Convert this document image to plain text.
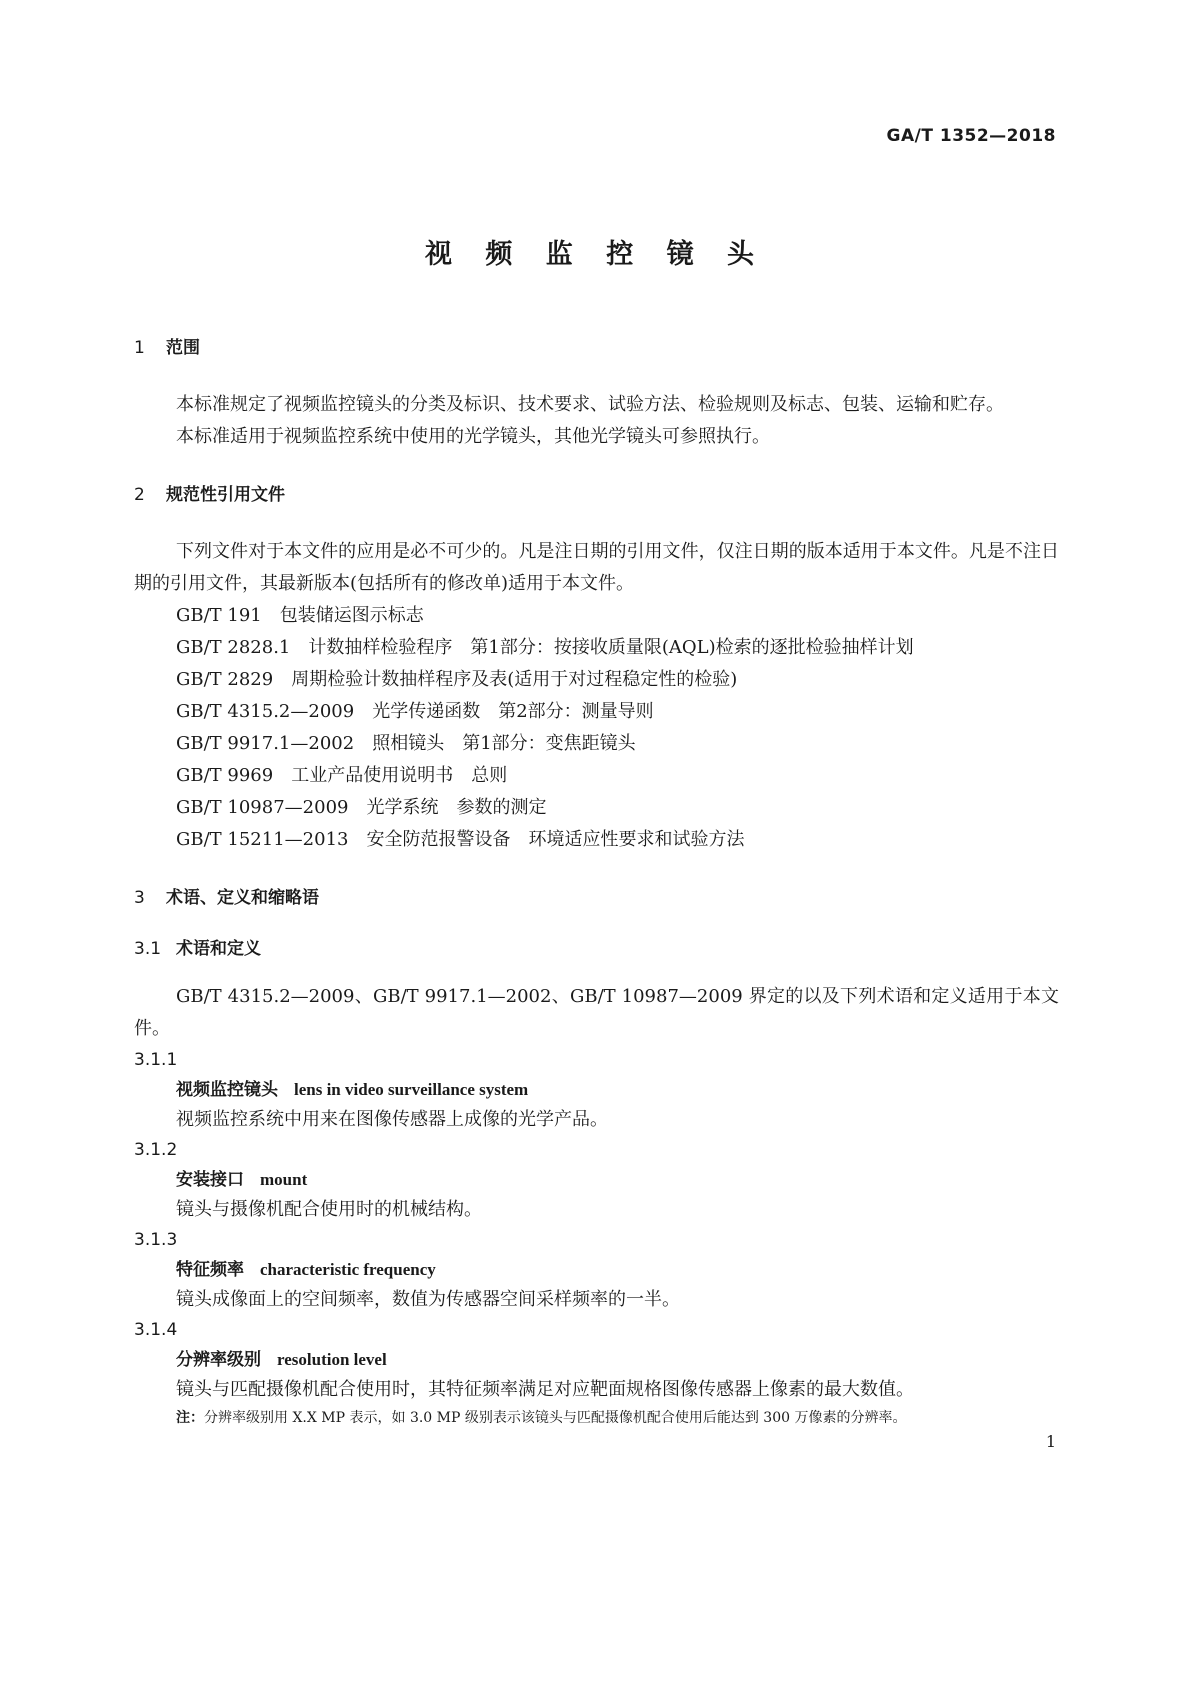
GA/T 1352—2018
视 频 监 控 镜 头
1 范围

本标准规定了视频监控镜头的分类及标识、技术要求、试验方法、检验规则及标志、包装、运输和贮存。

本标准适用于视频监控系统中使用的光学镜头，其他光学镜头可参照执行。

2 规范性引用文件

下列文件对于本文件的应用是必不可少的。凡是注日期的引用文件，仅注日期的版本适用于本文件。凡是不注日期的引用文件，其最新版本(包括所有的修改单)适用于本文件。

GB/T 191　 包装储运图示标志
GB/T 2828.1　 计数抽样检验程序　第1部分：按接收质量限(AQL)检索的逐批检验抽样计划
GB/T 2829　 周期检验计数抽样程序及表(适用于对过程稳定性的检验)
GB/T 4315.2—2009　 光学传递函数　第2部分：测量导则
GB/T 9917.1—2002　 照相镜头　第1部分：变焦距镜头
GB/T 9969　 工业产品使用说明书　总则
GB/T 10987—2009　 光学系统　参数的测定
GB/T 15211—2013　 安全防范报警设备　环境适应性要求和试验方法
3 术语、定义和缩略语
3.1 术语和定义

GB/T 4315.2—2009、GB/T 9917.1—2002、GB/T 10987—2009 界定的以及下列术语和定义适用于本文件。

3.1.1
视频监控镜头 lens in video surveillance system
视频监控系统中用来在图像传感器上成像的光学产品。
3.1.2
安装接口 mount
镜头与摄像机配合使用时的机械结构。
3.1.3
特征频率 characteristic frequency
镜头成像面上的空间频率，数值为传感器空间采样频率的一半。
3.1.4
分辨率级别 resolution level
镜头与匹配摄像机配合使用时，其特征频率满足对应靶面规格图像传感器上像素的最大数值。
注：分辨率级别用 X.X MP 表示，如 3.0 MP 级别表示该镜头与匹配摄像机配合使用后能达到 300 万像素的分辨率。
1
